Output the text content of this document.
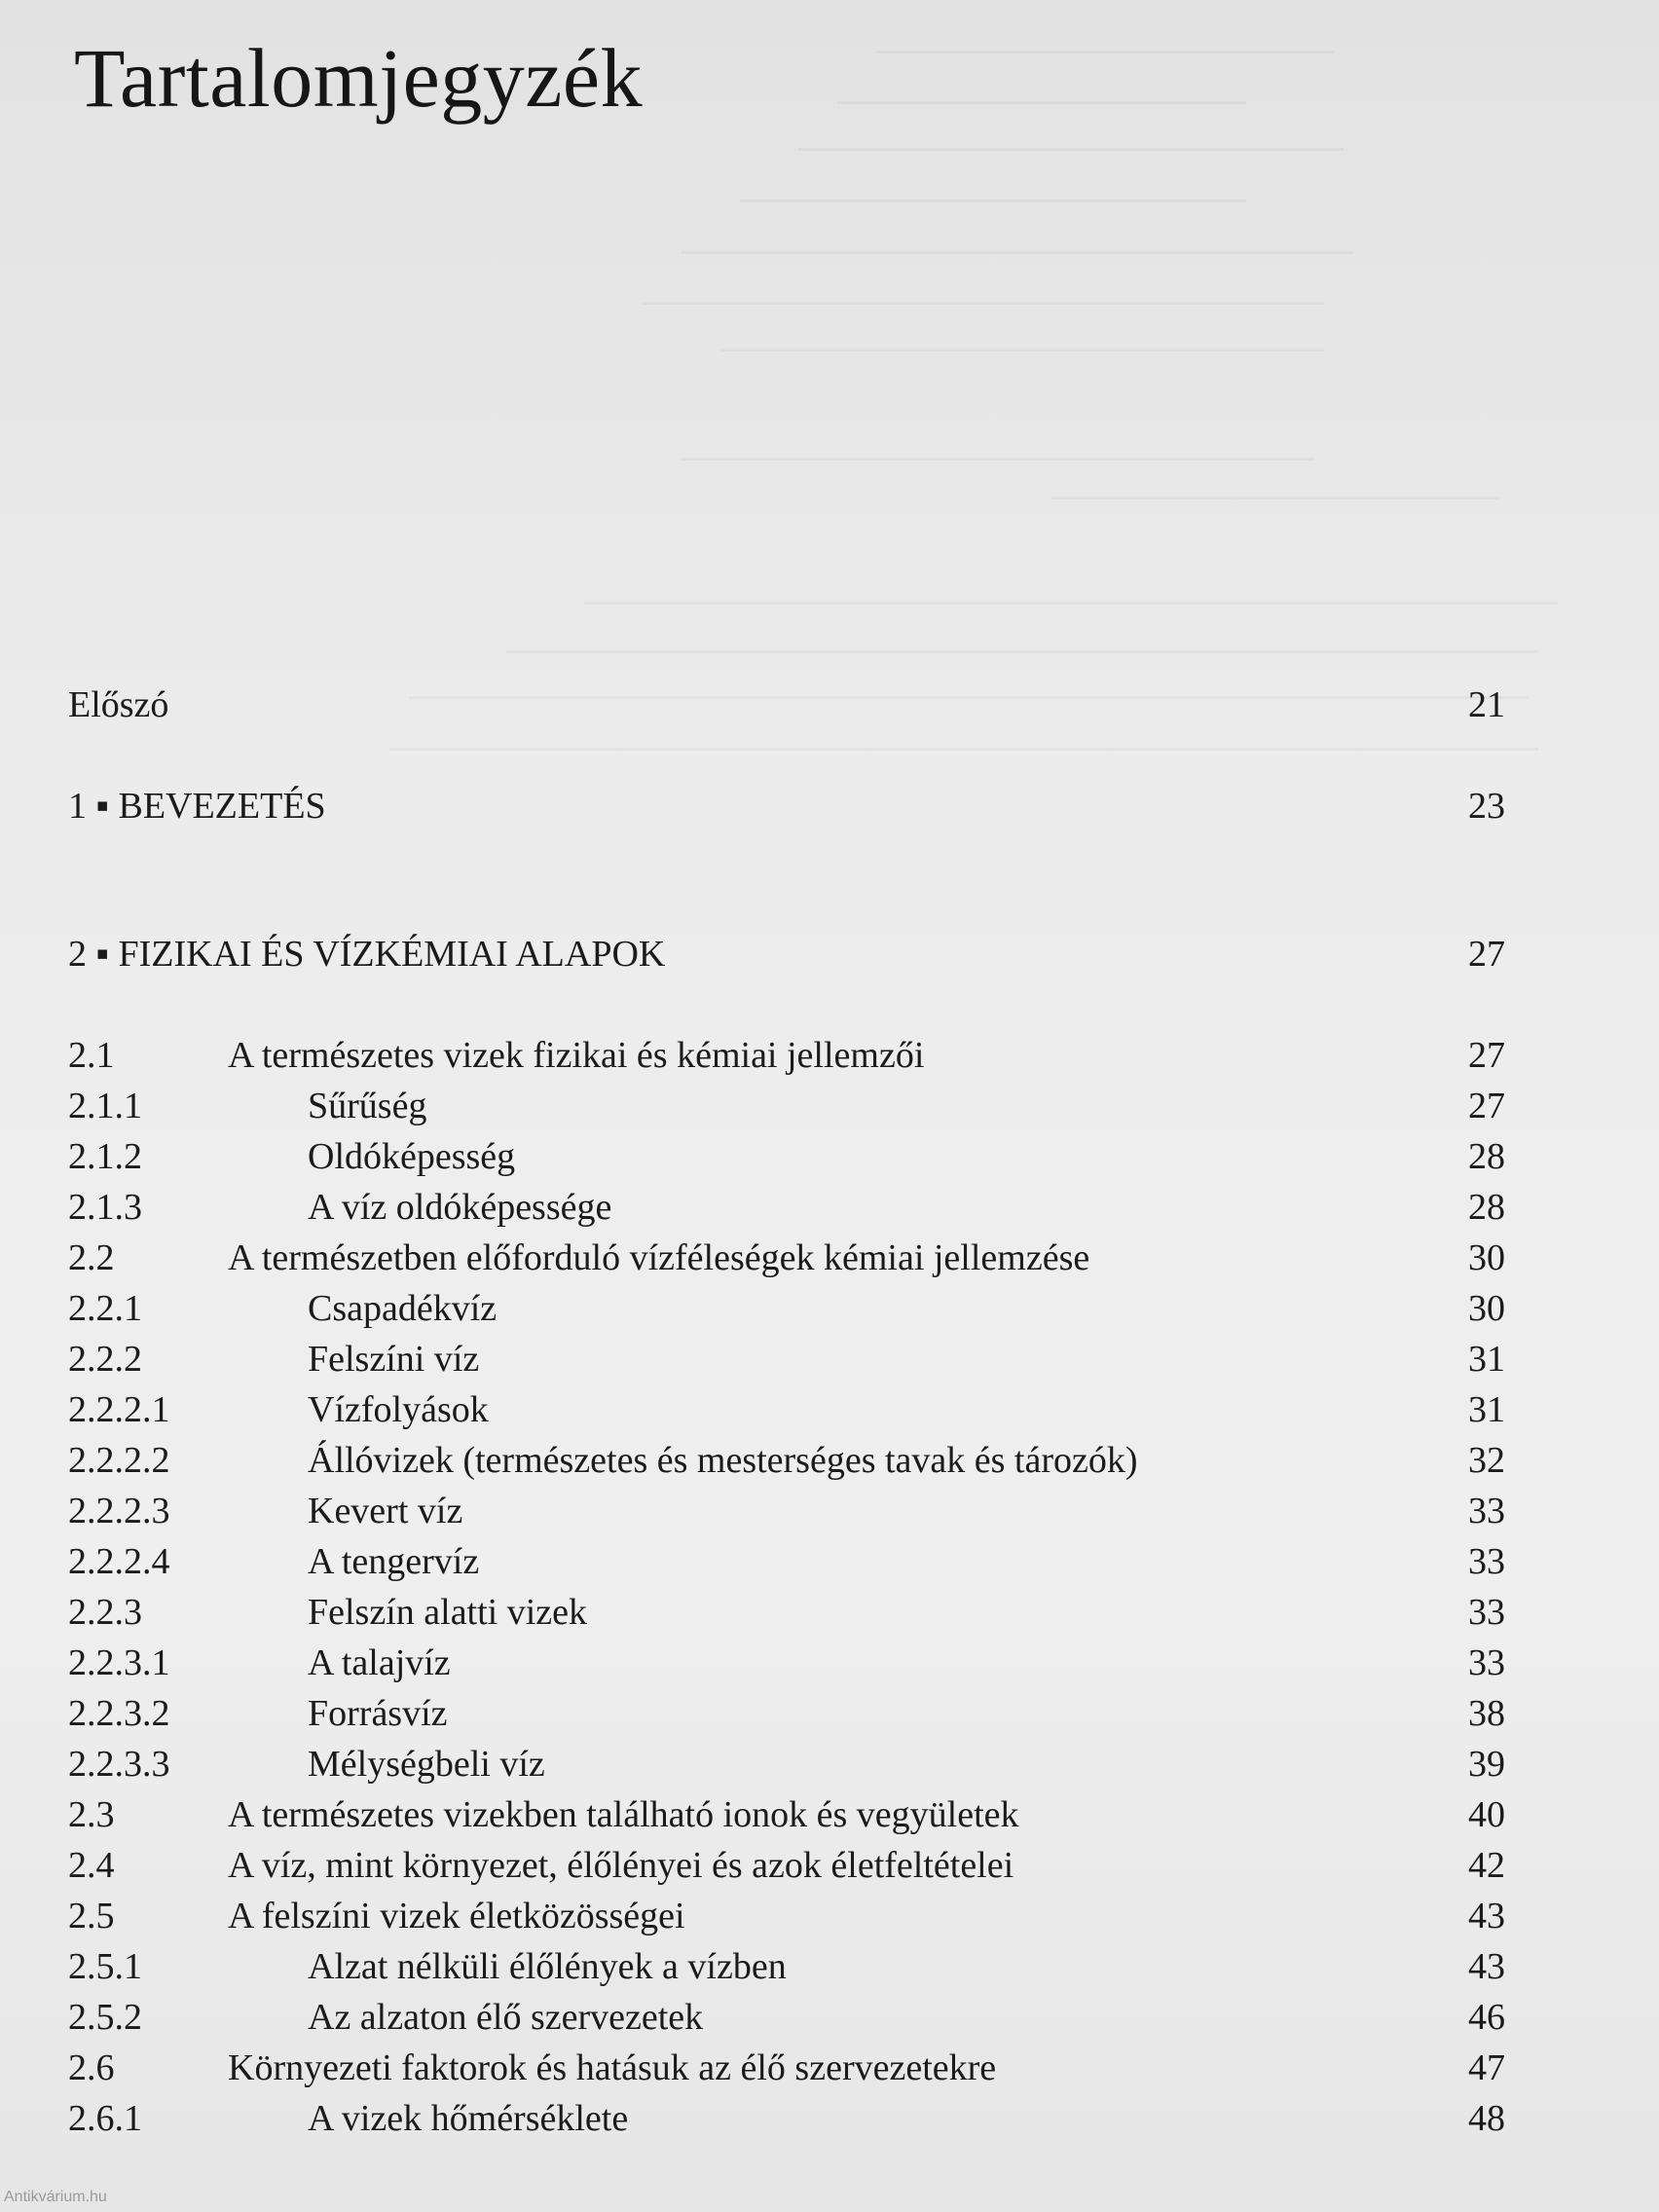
Tartalomjegyzék
Előszó	21
1 ▪ BEVEZETÉS	23
2 ▪ FIZIKAI ÉS VÍZKÉMIAI ALAPOK	27
2.1	A természetes vizek fizikai és kémiai jellemzői	27
2.1.1	Sűrűség	27
2.1.2	Oldóképesség	28
2.1.3	A víz oldóképessége	28
2.2	A természetben előforduló vízféleségek kémiai jellemzése	30
2.2.1	Csapadékvíz	30
2.2.2	Felszíni víz	31
2.2.2.1	Vízfolyások	31
2.2.2.2	Állóvizek (természetes és mesterséges tavak és tározók)	32
2.2.2.3	Kevert víz	33
2.2.2.4	A tengervíz	33
2.2.3	Felszín alatti vizek	33
2.2.3.1	A talajvíz	33
2.2.3.2	Forrásvíz	38
2.2.3.3	Mélységbeli víz	39
2.3	A természetes vizekben található ionok és vegyületek	40
2.4	A víz, mint környezet, élőlényei és azok életfeltételei	42
2.5	A felszíni vizek életközösségei	43
2.5.1	Alzat nélküli élőlények a vízben	43
2.5.2	Az alzaton élő szervezetek	46
2.6	Környezeti faktorok és hatásuk az élő szervezetekre	47
2.6.1	A vizek hőmérséklete	48
Antikvárium.hu
